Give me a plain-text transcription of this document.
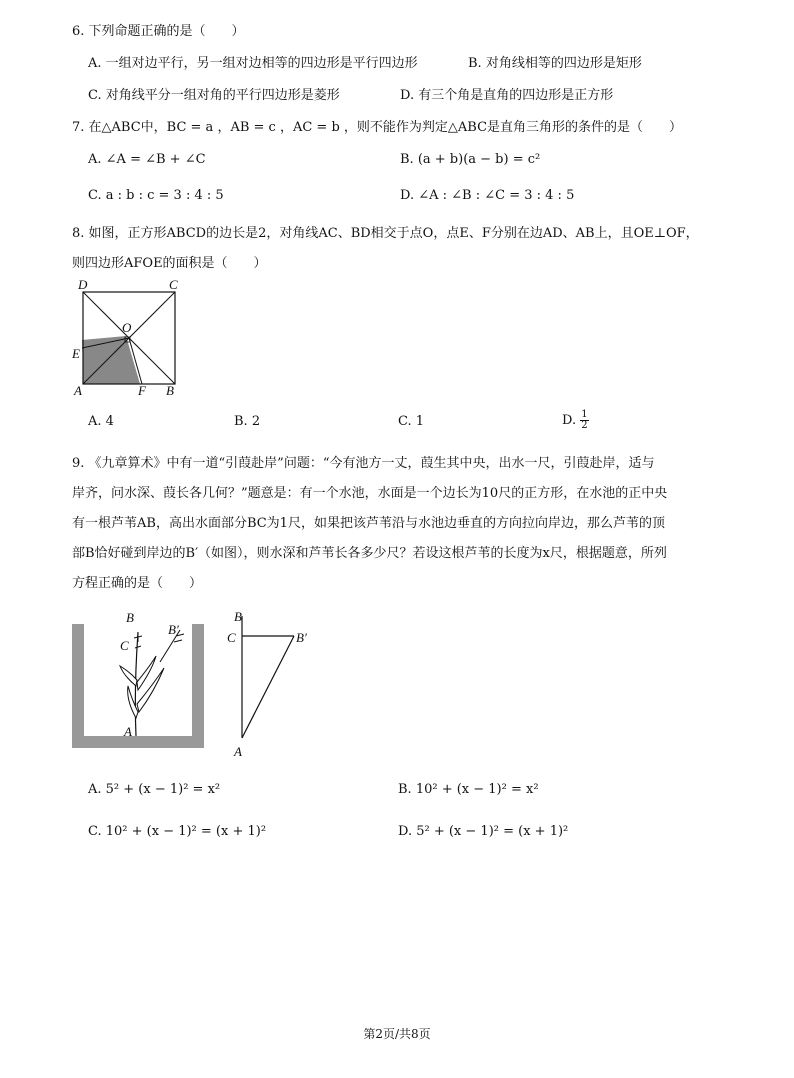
6. 下列命题正确的是（　　）
A. 一组对边平行，另一组对边相等的四边形是平行四边形	B. 对角线相等的四边形是矩形
C. 对角线平分一组对角的平行四边形是菱形	D. 有三个角是直角的四边形是正方形
7. 在△ABC中，BC = a ，AB = c ，AC = b ，则不能作为判定△ABC是直角三角形的条件的是（　　）
A. ∠A = ∠B + ∠C	B. (a + b)(a − b) = c²
C. a : b : c = 3 : 4 : 5	D. ∠A : ∠B : ∠C = 3 : 4 : 5
8. 如图，正方形ABCD的边长是2，对角线AC、BD相交于点O，点E、F分别在边AD、AB上，且OE⊥OF，
则四边形AFOE的面积是（　　）
D	C
O
E
A	F B
A. 4	B. 2	C. 1	D. $\frac{1}{2}$
9. 《九章算术》中有一道“引葭赴岸”问题：“今有池方一丈，葭生其中央，出水一尺，引葭赴岸，适与
岸齐，问水深、葭长各几何？”题意是：有一个水池，水面是一个边长为10尺的正方形，在水池的正中央
有一根芦苇AB，高出水面部分BC为1尺，如果把该芦苇沿与水池边垂直的方向拉向岸边，那么芦苇的顶
部B恰好碰到岸边的B′（如图），则水深和芦苇长各多少尺？若设这根芦苇的长度为x尺，根据题意，所列
方程正确的是（　　）
B
B′
C
A
B
C	B′
A
A. 5² + (x − 1)² = x²	B. 10² + (x − 1)² = x²
C. 10² + (x − 1)² = (x + 1)²	D. 5² + (x − 1)² = (x + 1)²
第2页/共8页
